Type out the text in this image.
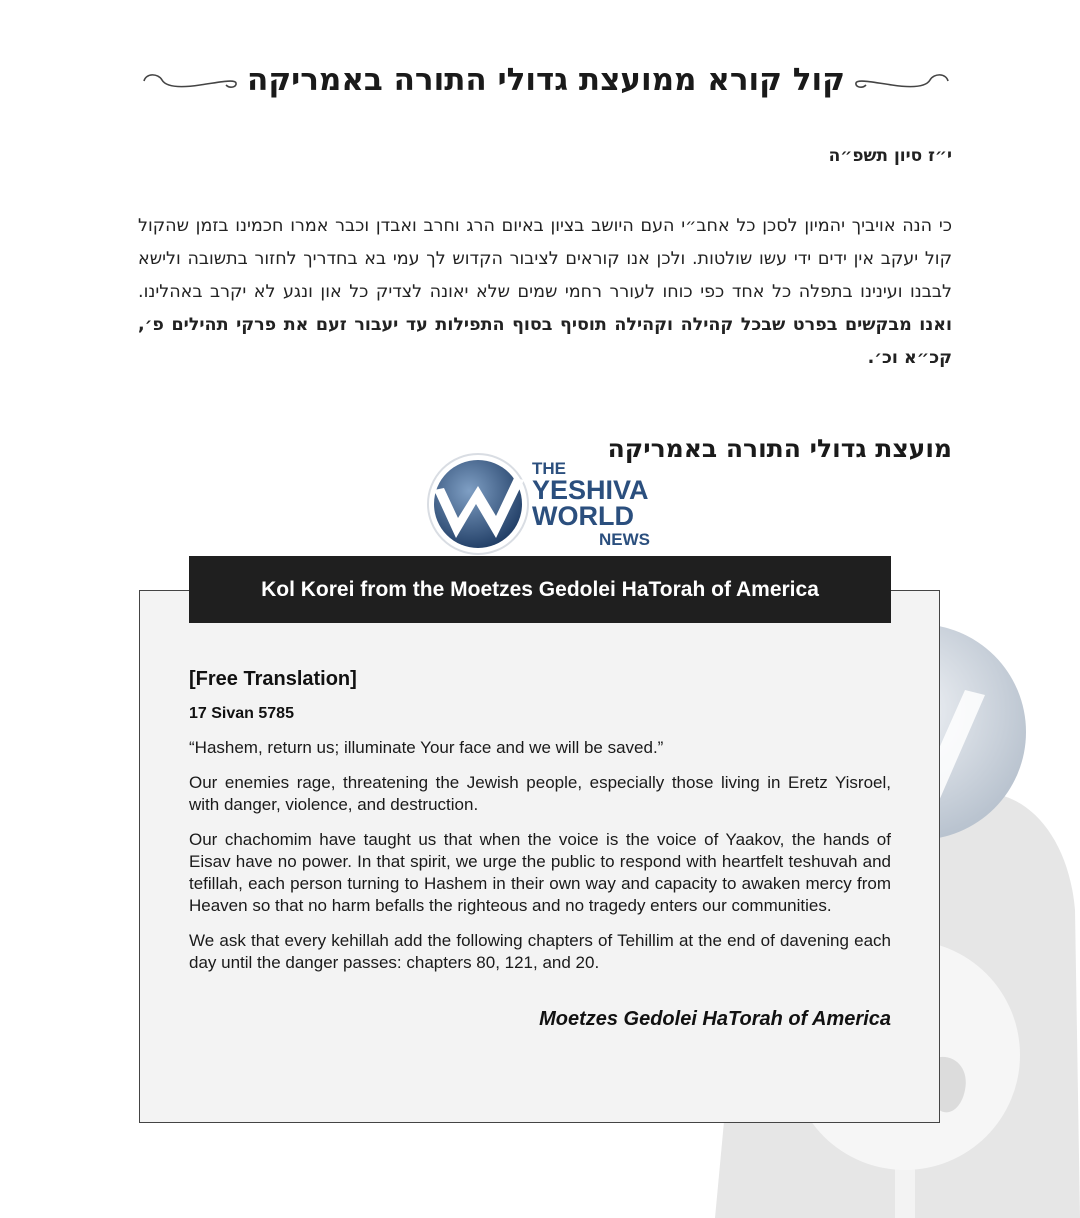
קול קורא ממועצת גדולי התורה באמריקה
י״ז סיון תשפ״ה
כי הנה אויביך יהמיון לסכן כל אחב״י העם היושב בציון באיום הרג וחרב ואבדן וכבר אמרו חכמינו בזמן שהקול קול יעקב אין ידים ידי עשו שולטות. ולכן אנו קוראים לציבור הקדוש לך עמי בא בחדריך לחזור בתשובה ולישא לבבנו ועינינו בתפלה כל אחד כפי כוחו לעורר רחמי שמים שלא יאונה לצדיק כל און ונגע לא יקרב באהלינו. ואנו מבקשים בפרט שבכל קהילה וקהילה תוסיף בסוף התפילות עד יעבור זעם את פרקי תהילים פ׳, קכ״א וכ׳.
מועצת גדולי התורה באמריקה
THE
YESHIVA
WORLD
NEWS
Kol Korei from the Moetzes Gedolei HaTorah of America
[Free Translation]
17 Sivan 5785

“Hashem, return us; illuminate Your face and we will be saved.”

Our enemies rage, threatening the Jewish people, especially those living in Eretz Yisroel, with danger, violence, and destruction.

Our chachomim have taught us that when the voice is the voice of Yaakov, the hands of Eisav have no power. In that spirit, we urge the public to respond with heartfelt teshuvah and tefillah, each person turning to Hashem in their own way and capacity to awaken mercy from Heaven so that no harm befalls the righteous and no tragedy enters our communities.

We ask that every kehillah add the following chapters of Tehillim at the end of davening each day until the danger passes: chapters 80, 121, and 20.

Moetzes Gedolei HaTorah of America
